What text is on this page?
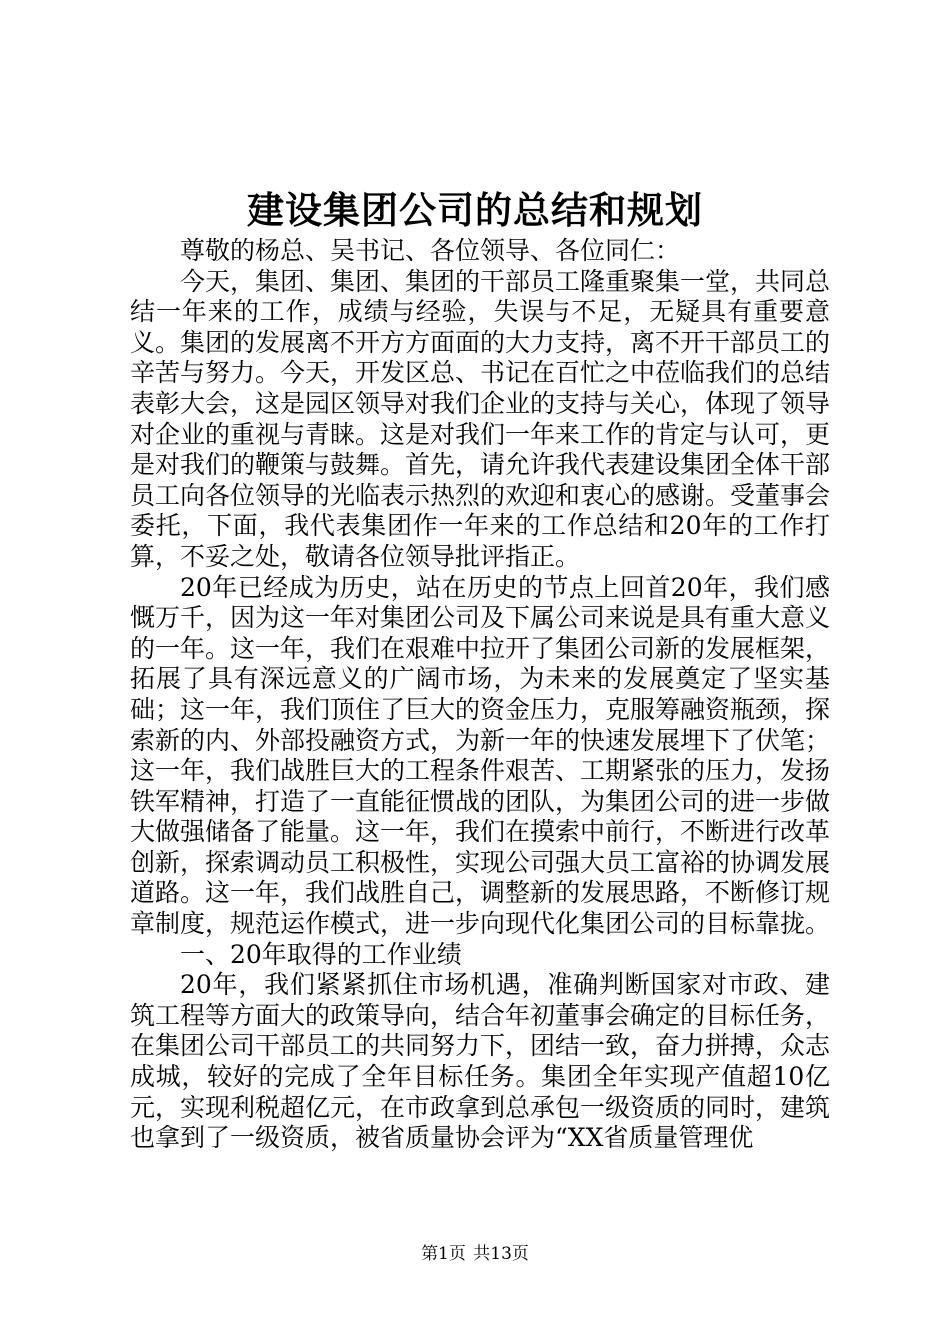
建设集团公司的总结和规划

尊敬的杨总、吴书记、各位领导、各位同仁：

今天，集团、集团、集团的干部员工隆重聚集一堂，共同总结一年来的工作，成绩与经验，失误与不足，无疑具有重要意义。集团的发展离不开方方面面的大力支持，离不开干部员工的辛苦与努力。今天，开发区总、书记在百忙之中莅临我们的总结表彰大会，这是园区领导对我们企业的支持与关心，体现了领导对企业的重视与青睐。这是对我们一年来工作的肯定与认可，更是对我们的鞭策与鼓舞。首先，请允许我代表建设集团全体干部员工向各位领导的光临表示热烈的欢迎和衷心的感谢。受董事会委托，下面，我代表集团作一年来的工作总结和20年的工作打算，不妥之处，敬请各位领导批评指正。

20年已经成为历史，站在历史的节点上回首20年，我们感慨万千，因为这一年对集团公司及下属公司来说是具有重大意义的一年。这一年，我们在艰难中拉开了集团公司新的发展框架，拓展了具有深远意义的广阔市场，为未来的发展奠定了坚实基础；这一年，我们顶住了巨大的资金压力，克服筹融资瓶颈，探索新的内、外部投融资方式，为新一年的快速发展埋下了伏笔；这一年，我们战胜巨大的工程条件艰苦、工期紧张的压力，发扬铁军精神，打造了一直能征惯战的团队，为集团公司的进一步做大做强储备了能量。这一年，我们在摸索中前行，不断进行改革创新，探索调动员工积极性，实现公司强大员工富裕的协调发展道路。这一年，我们战胜自己，调整新的发展思路，不断修订规章制度，规范运作模式，进一步向现代化集团公司的目标靠拢。

一、20年取得的工作业绩

20年，我们紧紧抓住市场机遇，准确判断国家对市政、建筑工程等方面大的政策导向，结合年初董事会确定的目标任务，在集团公司干部员工的共同努力下，团结一致，奋力拼搏，众志成城，较好的完成了全年目标任务。集团全年实现产值超10亿元，实现利税超亿元，在市政拿到总承包一级资质的同时，建筑也拿到了一级资质，被省质量协会评为“XX省质量管理优

第1页 共13页
